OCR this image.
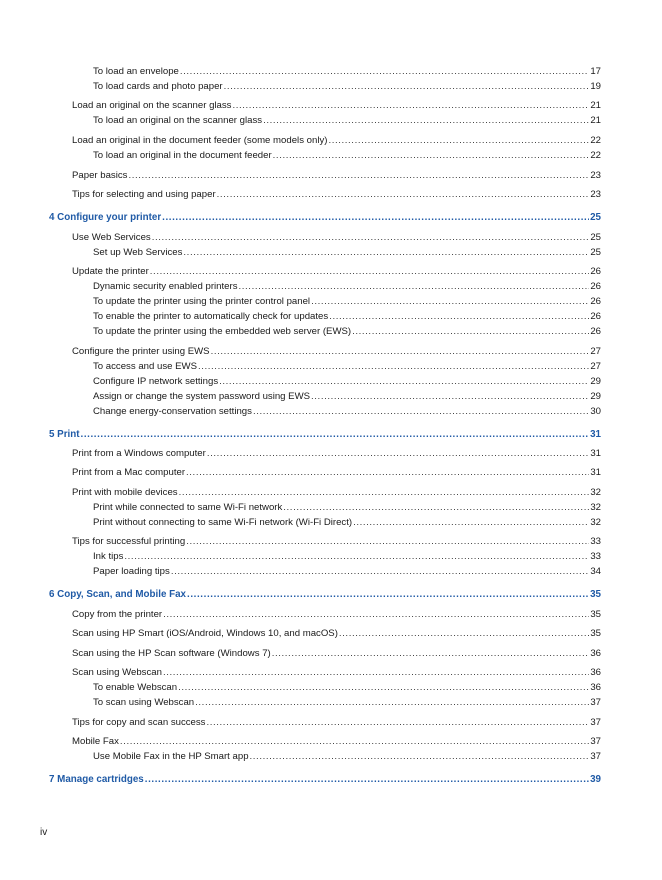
To load an envelope .....	17
To load cards and photo paper .....	19
Load an original on the scanner glass .....	21
To load an original on the scanner glass .....	21
Load an original in the document feeder (some models only) .....	22
To load an original in the document feeder .....	22
Paper basics .....	23
Tips for selecting and using paper .....	23
4 Configure your printer .....	25
Use Web Services .....	25
Set up Web Services .....	25
Update the printer .....	26
Dynamic security enabled printers .....	26
To update the printer using the printer control panel .....	26
To enable the printer to automatically check for updates .....	26
To update the printer using the embedded web server (EWS) .....	26
Configure the printer using EWS .....	27
To access and use EWS .....	27
Configure IP network settings .....	29
Assign or change the system password using EWS .....	29
Change energy-conservation settings .....	30
5 Print .....	31
Print from a Windows computer .....	31
Print from a Mac computer .....	31
Print with mobile devices .....	32
Print while connected to same Wi-Fi network .....	32
Print without connecting to same Wi-Fi network (Wi-Fi Direct) .....	32
Tips for successful printing .....	33
Ink tips .....	33
Paper loading tips .....	34
6 Copy, Scan, and Mobile Fax .....	35
Copy from the printer .....	35
Scan using HP Smart (iOS/Android, Windows 10, and macOS) .....	35
Scan using the HP Scan software (Windows 7) .....	36
Scan using Webscan .....	36
To enable Webscan .....	36
To scan using Webscan .....	37
Tips for copy and scan success .....	37
Mobile Fax .....	37
Use Mobile Fax in the HP Smart app .....	37
7 Manage cartridges .....	39
iv
